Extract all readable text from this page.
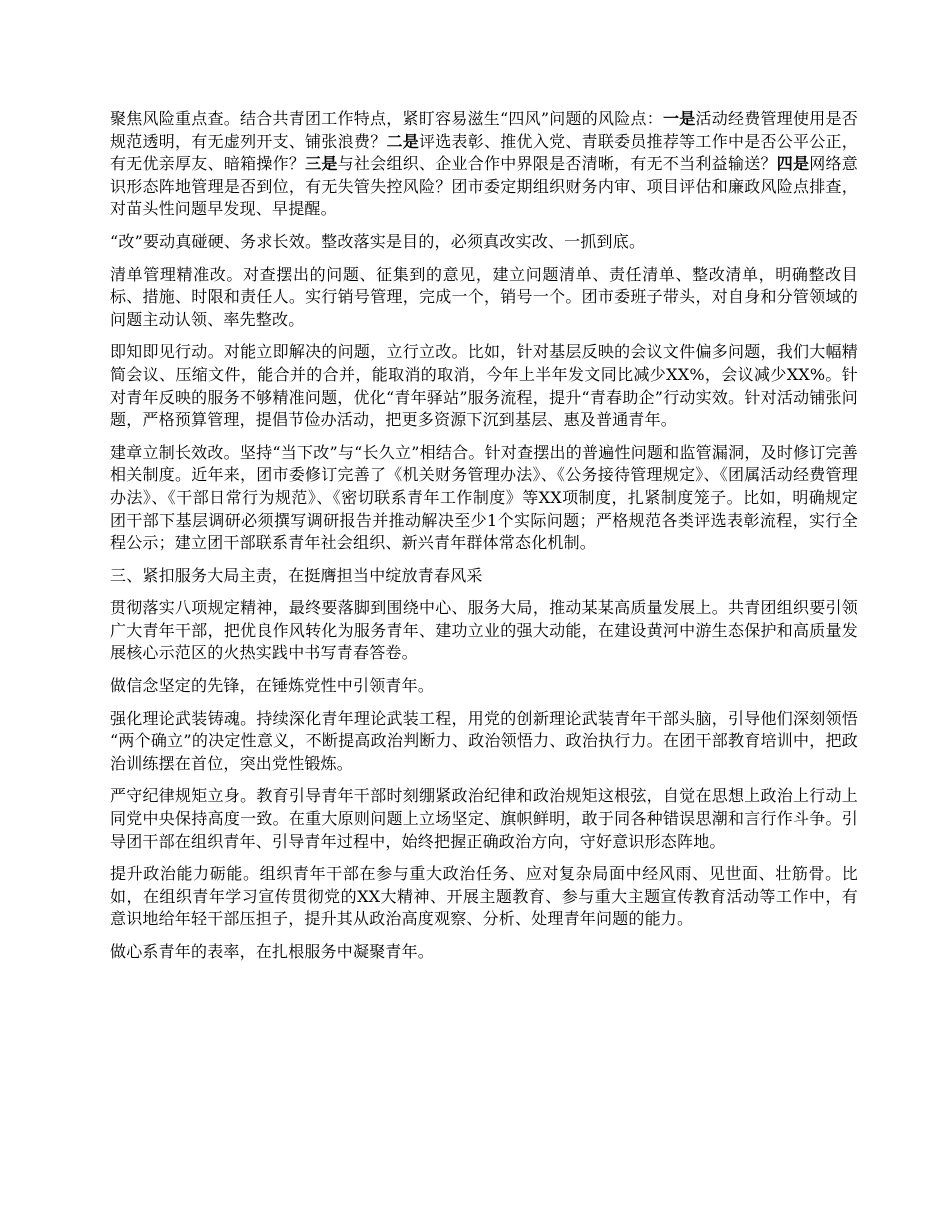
聚焦风险重点查。结合共青团工作特点，紧盯容易滋生“四风”问题的风险点：一是活动经费管理使用是否规范透明，有无虚列开支、铺张浪费？二是评选表彰、推优入党、青联委员推荐等工作中是否公平公正，有无优亲厚友、暗箱操作？三是与社会组织、企业合作中界限是否清晰，有无不当利益输送？四是网络意识形态阵地管理是否到位，有无失管失控风险？团市委定期组织财务内审、项目评估和廉政风险点排查，对苗头性问题早发现、早提醒。

“改”要动真碰硬、务求长效。整改落实是目的，必须真改实改、一抓到底。

清单管理精准改。对查摆出的问题、征集到的意见，建立问题清单、责任清单、整改清单，明确整改目标、措施、时限和责任人。实行销号管理，完成一个，销号一个。团市委班子带头，对自身和分管领域的问题主动认领、率先整改。

即知即见行动。对能立即解决的问题，立行立改。比如，针对基层反映的会议文件偏多问题，我们大幅精简会议、压缩文件，能合并的合并，能取消的取消，今年上半年发文同比减少XX%，会议减少XX%。针对青年反映的服务不够精准问题，优化“青年驿站”服务流程，提升“青春助企”行动实效。针对活动铺张问题，严格预算管理，提倡节俭办活动，把更多资源下沉到基层、惠及普通青年。

建章立制长效改。坚持“当下改”与“长久立”相结合。针对查摆出的普遍性问题和监管漏洞，及时修订完善相关制度。近年来，团市委修订完善了《机关财务管理办法》、《公务接待管理规定》、《团属活动经费管理办法》、《干部日常行为规范》、《密切联系青年工作制度》等XX项制度，扎紧制度笼子。比如，明确规定团干部下基层调研必须撰写调研报告并推动解决至少1个实际问题；严格规范各类评选表彰流程，实行全程公示；建立团干部联系青年社会组织、新兴青年群体常态化机制。

三、紧扣服务大局主责，在挺膺担当中绽放青春风采

贯彻落实八项规定精神，最终要落脚到围绕中心、服务大局，推动某某高质量发展上。共青团组织要引领广大青年干部，把优良作风转化为服务青年、建功立业的强大动能，在建设黄河中游生态保护和高质量发展核心示范区的火热实践中书写青春答卷。

做信念坚定的先锋，在锤炼党性中引领青年。

强化理论武装铸魂。持续深化青年理论武装工程，用党的创新理论武装青年干部头脑，引导他们深刻领悟“两个确立”的决定性意义，不断提高政治判断力、政治领悟力、政治执行力。在团干部教育培训中，把政治训练摆在首位，突出党性锻炼。

严守纪律规矩立身。教育引导青年干部时刻绷紧政治纪律和政治规矩这根弦，自觉在思想上政治上行动上同党中央保持高度一致。在重大原则问题上立场坚定、旗帜鲜明，敢于同各种错误思潮和言行作斗争。引导团干部在组织青年、引导青年过程中，始终把握正确政治方向，守好意识形态阵地。

提升政治能力砺能。组织青年干部在参与重大政治任务、应对复杂局面中经风雨、见世面、壮筋骨。比如，在组织青年学习宣传贯彻党的XX大精神、开展主题教育、参与重大主题宣传教育活动等工作中，有意识地给年轻干部压担子，提升其从政治高度观察、分析、处理青年问题的能力。

做心系青年的表率，在扎根服务中凝聚青年。
